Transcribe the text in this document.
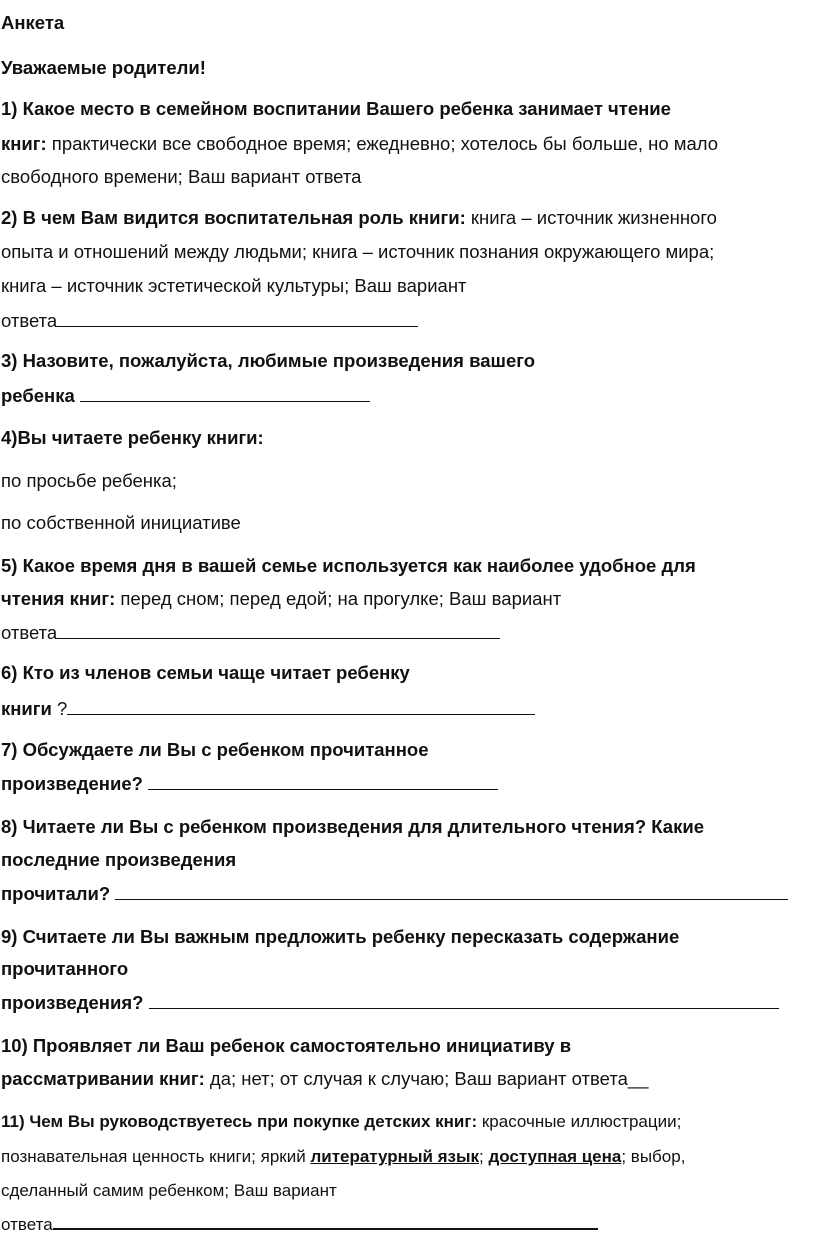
Анкета
Уважаемые родители!
1) Какое место в семейном воспитании Вашего ребенка занимает чтение
книг: практически все свободное время; ежедневно; хотелось бы больше, но мало
свободного времени; Ваш вариант ответа
2) В чем Вам видится воспитательная роль книги: книга – источник жизненного
опыта и отношений между людьми; книга – источник познания окружающего мира;
книга – источник эстетической культуры; Ваш вариант
ответа
3) Назовите, пожалуйста, любимые произведения вашего
ребенка
4)Вы читаете ребенку книги:
по просьбе ребенка;
по собственной инициативе
5) Какое время дня в вашей семье используется как наиболее удобное для
чтения книг: перед сном; перед едой; на прогулке; Ваш вариант
ответа
6) Кто из членов семьи чаще читает ребенку
книги ?
7) Обсуждаете ли Вы с ребенком прочитанное
произведение?
8) Читаете ли Вы с ребенком произведения для длительного чтения? Какие
последние произведения
прочитали?
9) Считаете ли Вы важным предложить ребенку пересказать содержание
прочитанного
произведения?
10) Проявляет ли Ваш ребенок самостоятельно инициативу в
рассматривании книг: да; нет; от случая к случаю; Ваш вариант ответа__
11) Чем Вы руководствуетесь при покупке детских книг: красочные иллюстрации;
познавательная ценность книги; яркий литературный язык; доступная цена; выбор,
сделанный самим ребенком; Ваш вариант
ответа
